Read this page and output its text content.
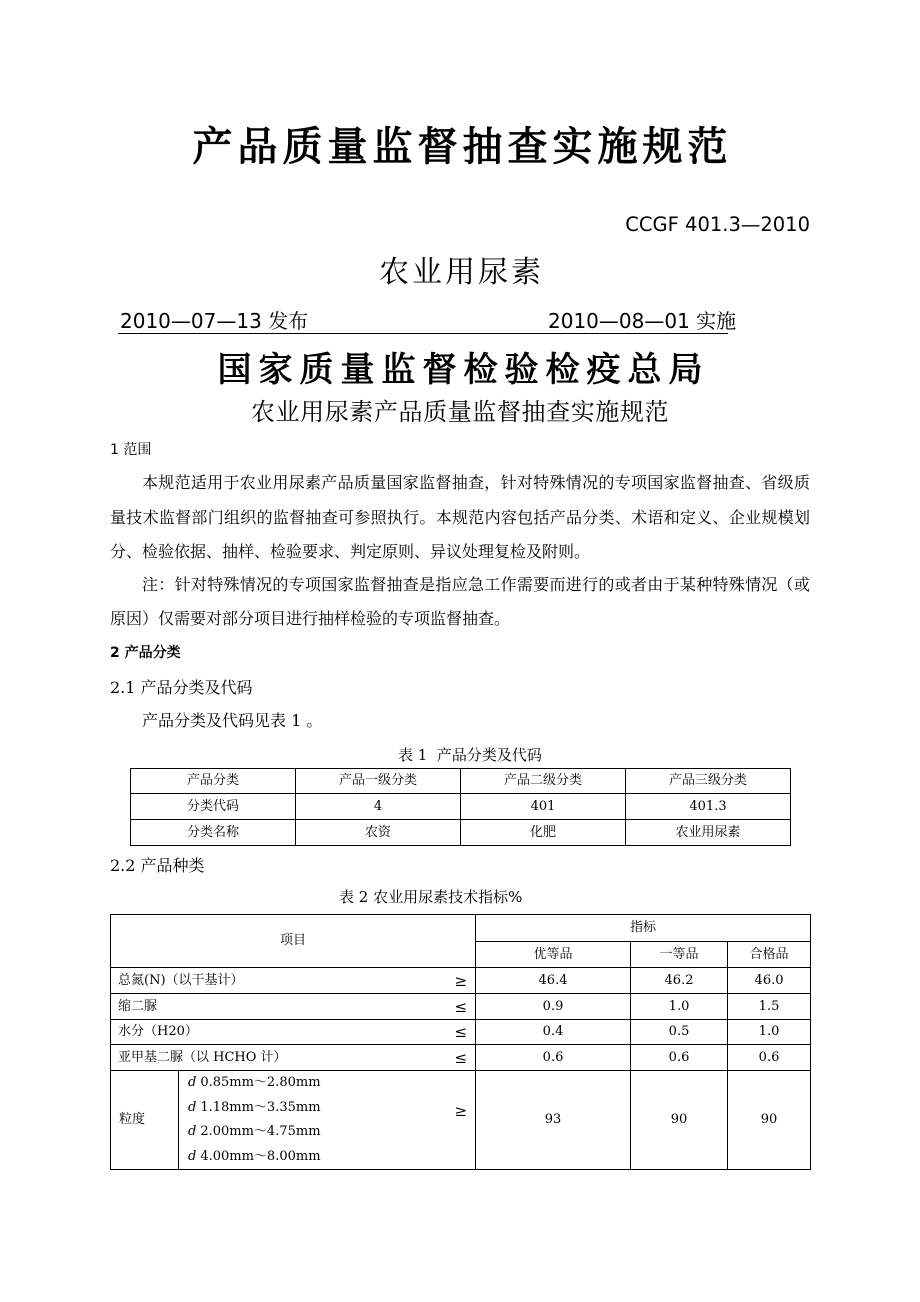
产品质量监督抽查实施规范
CCGF 401.3—2010
农业用尿素
2010—07—13 发布	2010—08—01 实施
国家质量监督检验检疫总局
农业用尿素产品质量监督抽查实施规范
1 范围
本规范适用于农业用尿素产品质量国家监督抽查，针对特殊情况的专项国家监督抽查、省级质
量技术监督部门组织的监督抽查可参照执行。本规范内容包括产品分类、术语和定义、企业规模划
分、检验依据、抽样、检验要求、判定原则、异议处理复检及附则。
注：针对特殊情况的专项国家监督抽查是指应急工作需要而进行的或者由于某种特殊情况（或
原因）仅需要对部分项目进行抽样检验的专项监督抽查。
2 产品分类
2.1 产品分类及代码
产品分类及代码见表 1 。
表 1  产品分类及代码
产品分类	产品一级分类	产品二级分类	产品三级分类
分类代码	4	401	401.3
分类名称	农资	化肥	农业用尿素
2.2 产品种类
表 2 农业用尿素技术指标%
项目		指标		
		优等品	一等品	合格品

总氮(N)（以干基计） ≥		46.4	46.2	46.0

缩二脲 ≤		0.9	1.0	1.5

水分（H20） ≤		0.4	0.5	1.0

亚甲基二脲（以 HCHO 计） ≤		0.6	0.6	0.6
粒度	d 0.85mm～2.80mm
d 1.18mm～3.35mm
d 2.00mm～4.75mm
d 4.00mm～8.00mm
≥	93	90	90
